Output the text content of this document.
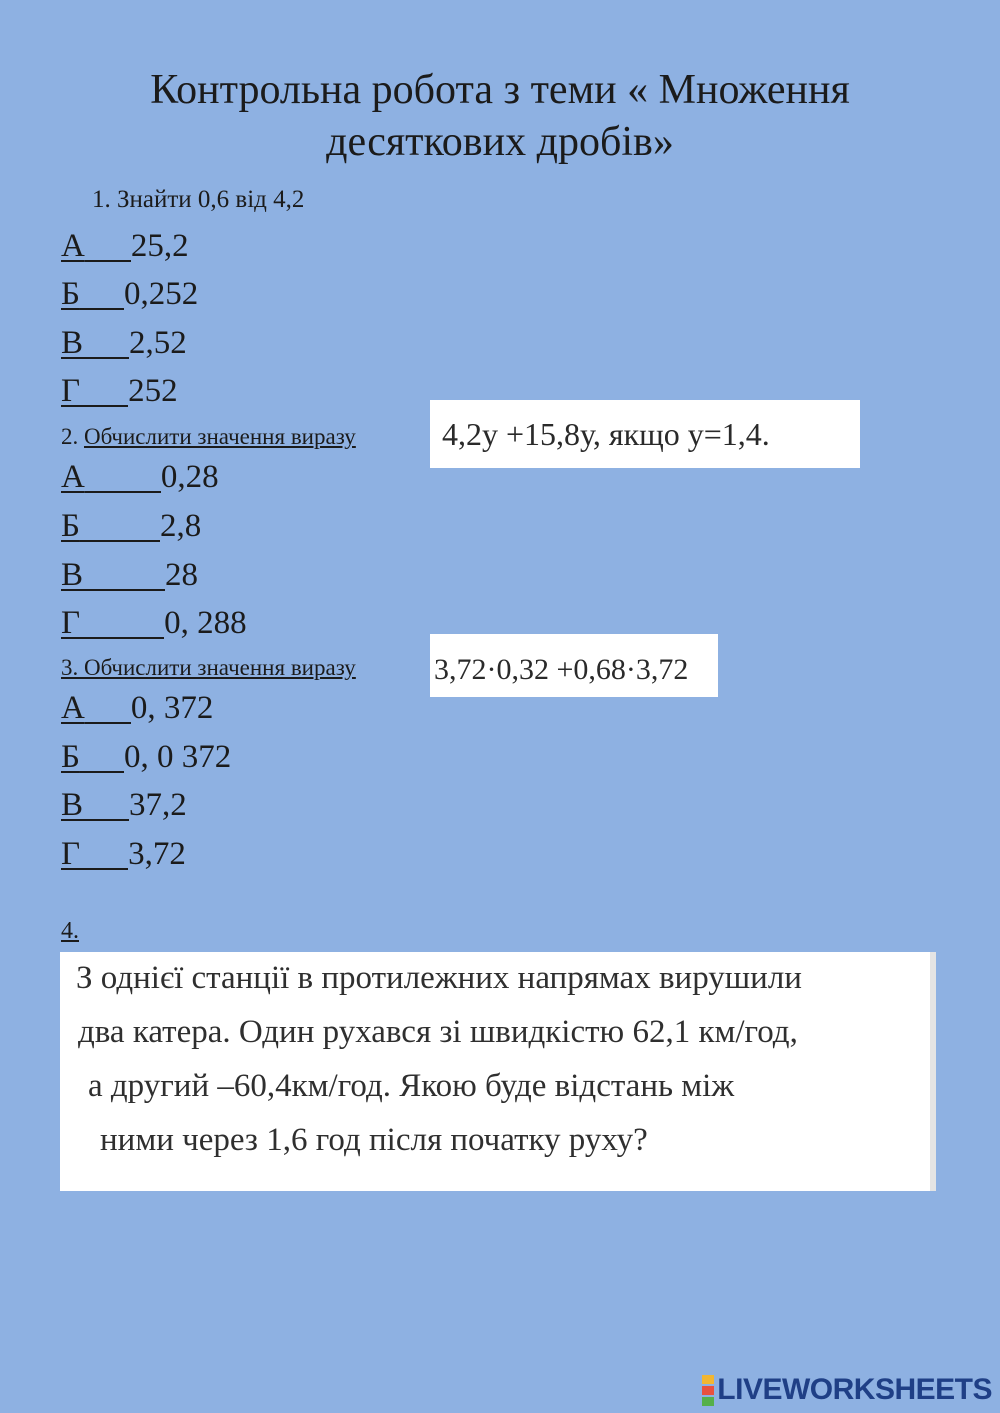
Контрольна робота з теми « Множення
десяткових дробів»
1. Знайти 0,6 від 4,2
А 25,2
Б 0,252
В 2,52
Г 252
2. Обчислити значення виразу	4,2у +15,8у, якщо у=1,4.
А 0,28
Б 2,8
В 28
Г	0, 288
3. Обчислити значення виразу	3,72·0,32 +0,68·3,72
А 0, 372
Б 0, 0 372
В 37,2
Г 3,72
4.
З однієї станції в протилежних напрямах вирушили
два катера. Один рухався зі швидкістю 62,1 км/год,
а другий –60,4км/год. Якою буде відстань між
ними через 1,6 год після початку руху?
LIVEWORKSHEETS
